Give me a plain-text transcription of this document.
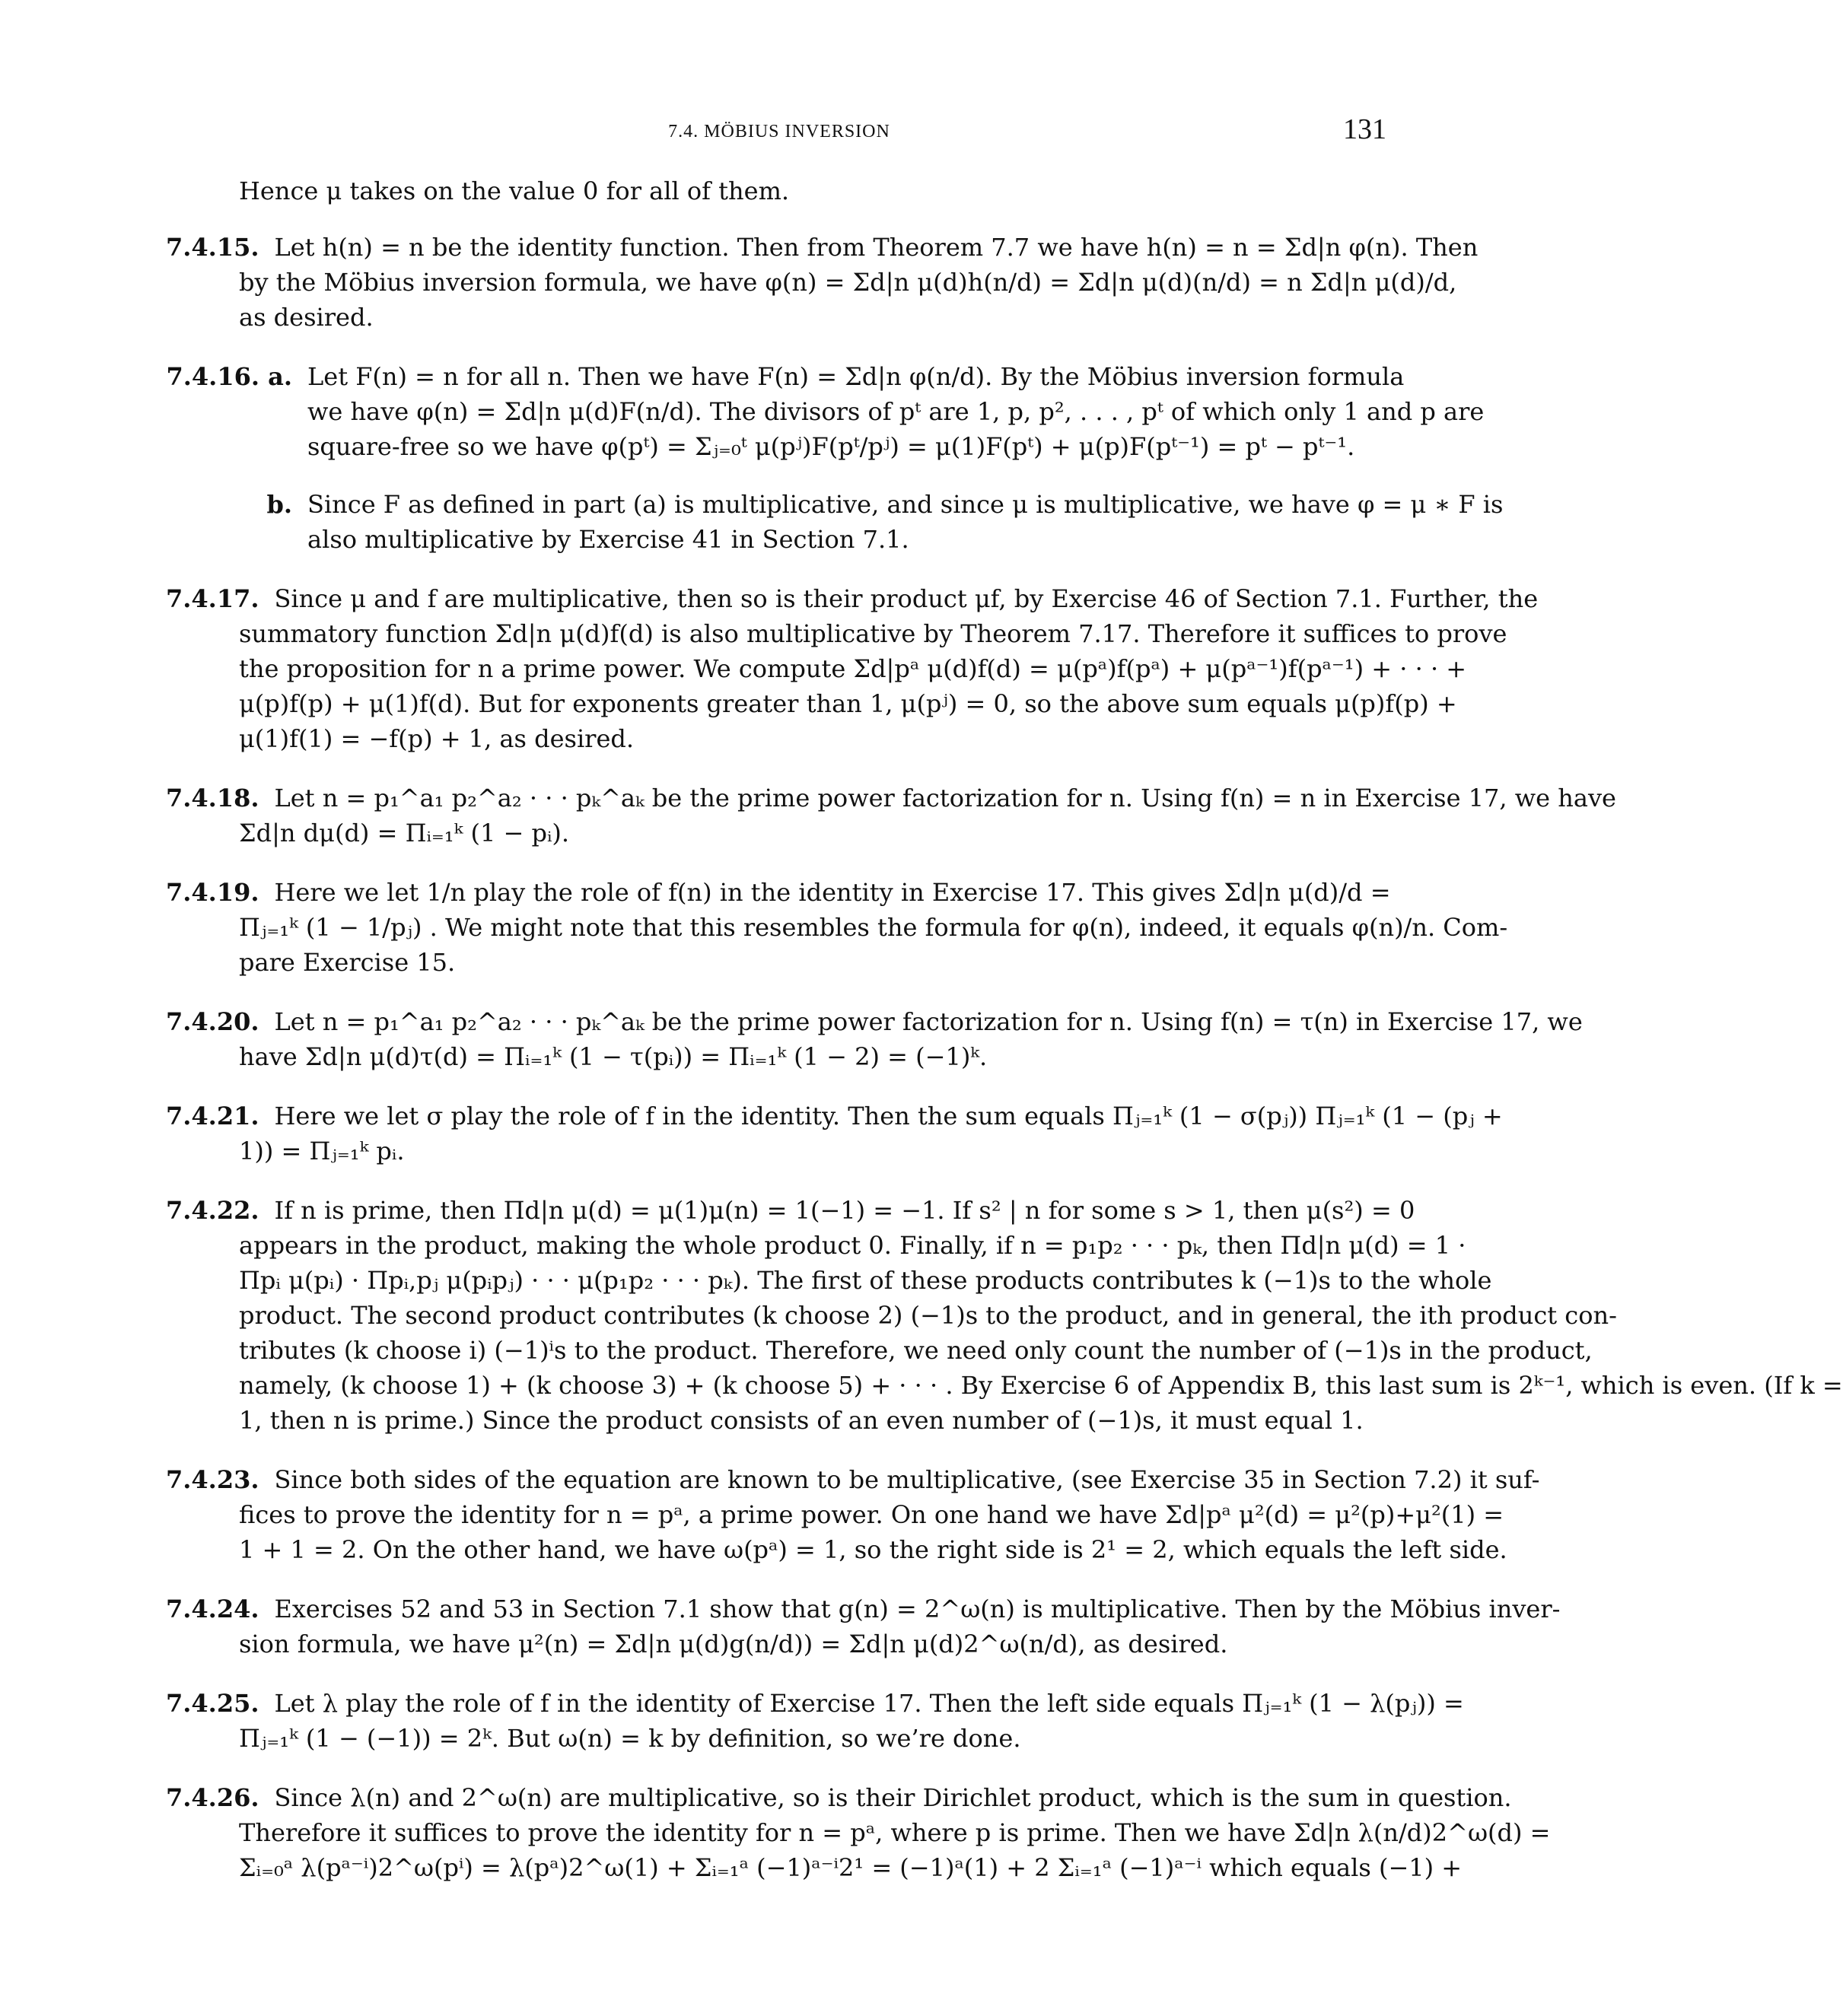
7.4. MÖBIUS INVERSION	131
Hence μ takes on the value 0 for all of them.
7.4.15. Let h(n) = n be the identity function. Then from Theorem 7.7 we have h(n) = n = Σd|n φ(n). Then
by the Möbius inversion formula, we have φ(n) = Σd|n μ(d)h(n/d) = Σd|n μ(d)(n/d) = n Σd|n μ(d)/d,
as desired.
7.4.16. a. Let F(n) = n for all n. Then we have F(n) = Σd|n φ(n/d). By the Möbius inversion formula
we have φ(n) = Σd|n μ(d)F(n/d). The divisors of pᵗ are 1, p, p², . . . , pᵗ of which only 1 and p are
square-free so we have φ(pᵗ) = Σⱼ₌₀ᵗ μ(pʲ)F(pᵗ/pʲ) = μ(1)F(pᵗ) + μ(p)F(pᵗ⁻¹) = pᵗ − pᵗ⁻¹.
b. Since F as defined in part (a) is multiplicative, and since μ is multiplicative, we have φ = μ ∗ F is
also multiplicative by Exercise 41 in Section 7.1.
7.4.17. Since μ and f are multiplicative, then so is their product μf, by Exercise 46 of Section 7.1. Further, the
summatory function Σd|n μ(d)f(d) is also multiplicative by Theorem 7.17. Therefore it suffices to prove
the proposition for n a prime power. We compute Σd|pᵃ μ(d)f(d) = μ(pᵃ)f(pᵃ) + μ(pᵃ⁻¹)f(pᵃ⁻¹) + · · · +
μ(p)f(p) + μ(1)f(d). But for exponents greater than 1, μ(pʲ) = 0, so the above sum equals μ(p)f(p) +
μ(1)f(1) = −f(p) + 1, as desired.
7.4.18. Let n = p₁^a₁ p₂^a₂ · · · pₖ^aₖ be the prime power factorization for n. Using f(n) = n in Exercise 17, we have
Σd|n dμ(d) = Πᵢ₌₁ᵏ (1 − pᵢ).
7.4.19. Here we let 1/n play the role of f(n) in the identity in Exercise 17. This gives Σd|n μ(d)/d =
Πⱼ₌₁ᵏ (1 − 1/pⱼ) . We might note that this resembles the formula for φ(n), indeed, it equals φ(n)/n. Com-
pare Exercise 15.
7.4.20. Let n = p₁^a₁ p₂^a₂ · · · pₖ^aₖ be the prime power factorization for n. Using f(n) = τ(n) in Exercise 17, we
have Σd|n μ(d)τ(d) = Πᵢ₌₁ᵏ (1 − τ(pᵢ)) = Πᵢ₌₁ᵏ (1 − 2) = (−1)ᵏ.
7.4.21. Here we let σ play the role of f in the identity. Then the sum equals Πⱼ₌₁ᵏ (1 − σ(pⱼ)) Πⱼ₌₁ᵏ (1 − (pⱼ +
1)) = Πⱼ₌₁ᵏ pᵢ.
7.4.22. If n is prime, then Πd|n μ(d) = μ(1)μ(n) = 1(−1) = −1. If s² | n for some s > 1, then μ(s²) = 0
appears in the product, making the whole product 0. Finally, if n = p₁p₂ · · · pₖ, then Πd|n μ(d) = 1 ·
Πpᵢ μ(pᵢ) · Πpᵢ,pⱼ μ(pᵢpⱼ) · · · μ(p₁p₂ · · · pₖ). The first of these products contributes k (−1)s to the whole
product. The second product contributes (k choose 2) (−1)s to the product, and in general, the ith product con-
tributes (k choose i) (−1)ⁱs to the product. Therefore, we need only count the number of (−1)s in the product,
namely, (k choose 1) + (k choose 3) + (k choose 5) + · · · . By Exercise 6 of Appendix B, this last sum is 2ᵏ⁻¹, which is even. (If k =
1, then n is prime.) Since the product consists of an even number of (−1)s, it must equal 1.
7.4.23. Since both sides of the equation are known to be multiplicative, (see Exercise 35 in Section 7.2) it suf-
fices to prove the identity for n = pᵃ, a prime power. On one hand we have Σd|pᵃ μ²(d) = μ²(p)+μ²(1) =
1 + 1 = 2. On the other hand, we have ω(pᵃ) = 1, so the right side is 2¹ = 2, which equals the left side.
7.4.24. Exercises 52 and 53 in Section 7.1 show that g(n) = 2^ω(n) is multiplicative. Then by the Möbius inver-
sion formula, we have μ²(n) = Σd|n μ(d)g(n/d)) = Σd|n μ(d)2^ω(n/d), as desired.
7.4.25. Let λ play the role of f in the identity of Exercise 17. Then the left side equals Πⱼ₌₁ᵏ (1 − λ(pⱼ)) =
Πⱼ₌₁ᵏ (1 − (−1)) = 2ᵏ. But ω(n) = k by definition, so we’re done.
7.4.26. Since λ(n) and 2^ω(n) are multiplicative, so is their Dirichlet product, which is the sum in question.
Therefore it suffices to prove the identity for n = pᵃ, where p is prime. Then we have Σd|n λ(n/d)2^ω(d) =
Σᵢ₌₀ᵃ λ(pᵃ⁻ⁱ)2^ω(pⁱ) = λ(pᵃ)2^ω(1) + Σᵢ₌₁ᵃ (−1)ᵃ⁻ⁱ2¹ = (−1)ᵃ(1) + 2 Σᵢ₌₁ᵃ (−1)ᵃ⁻ⁱ which equals (−1) +
